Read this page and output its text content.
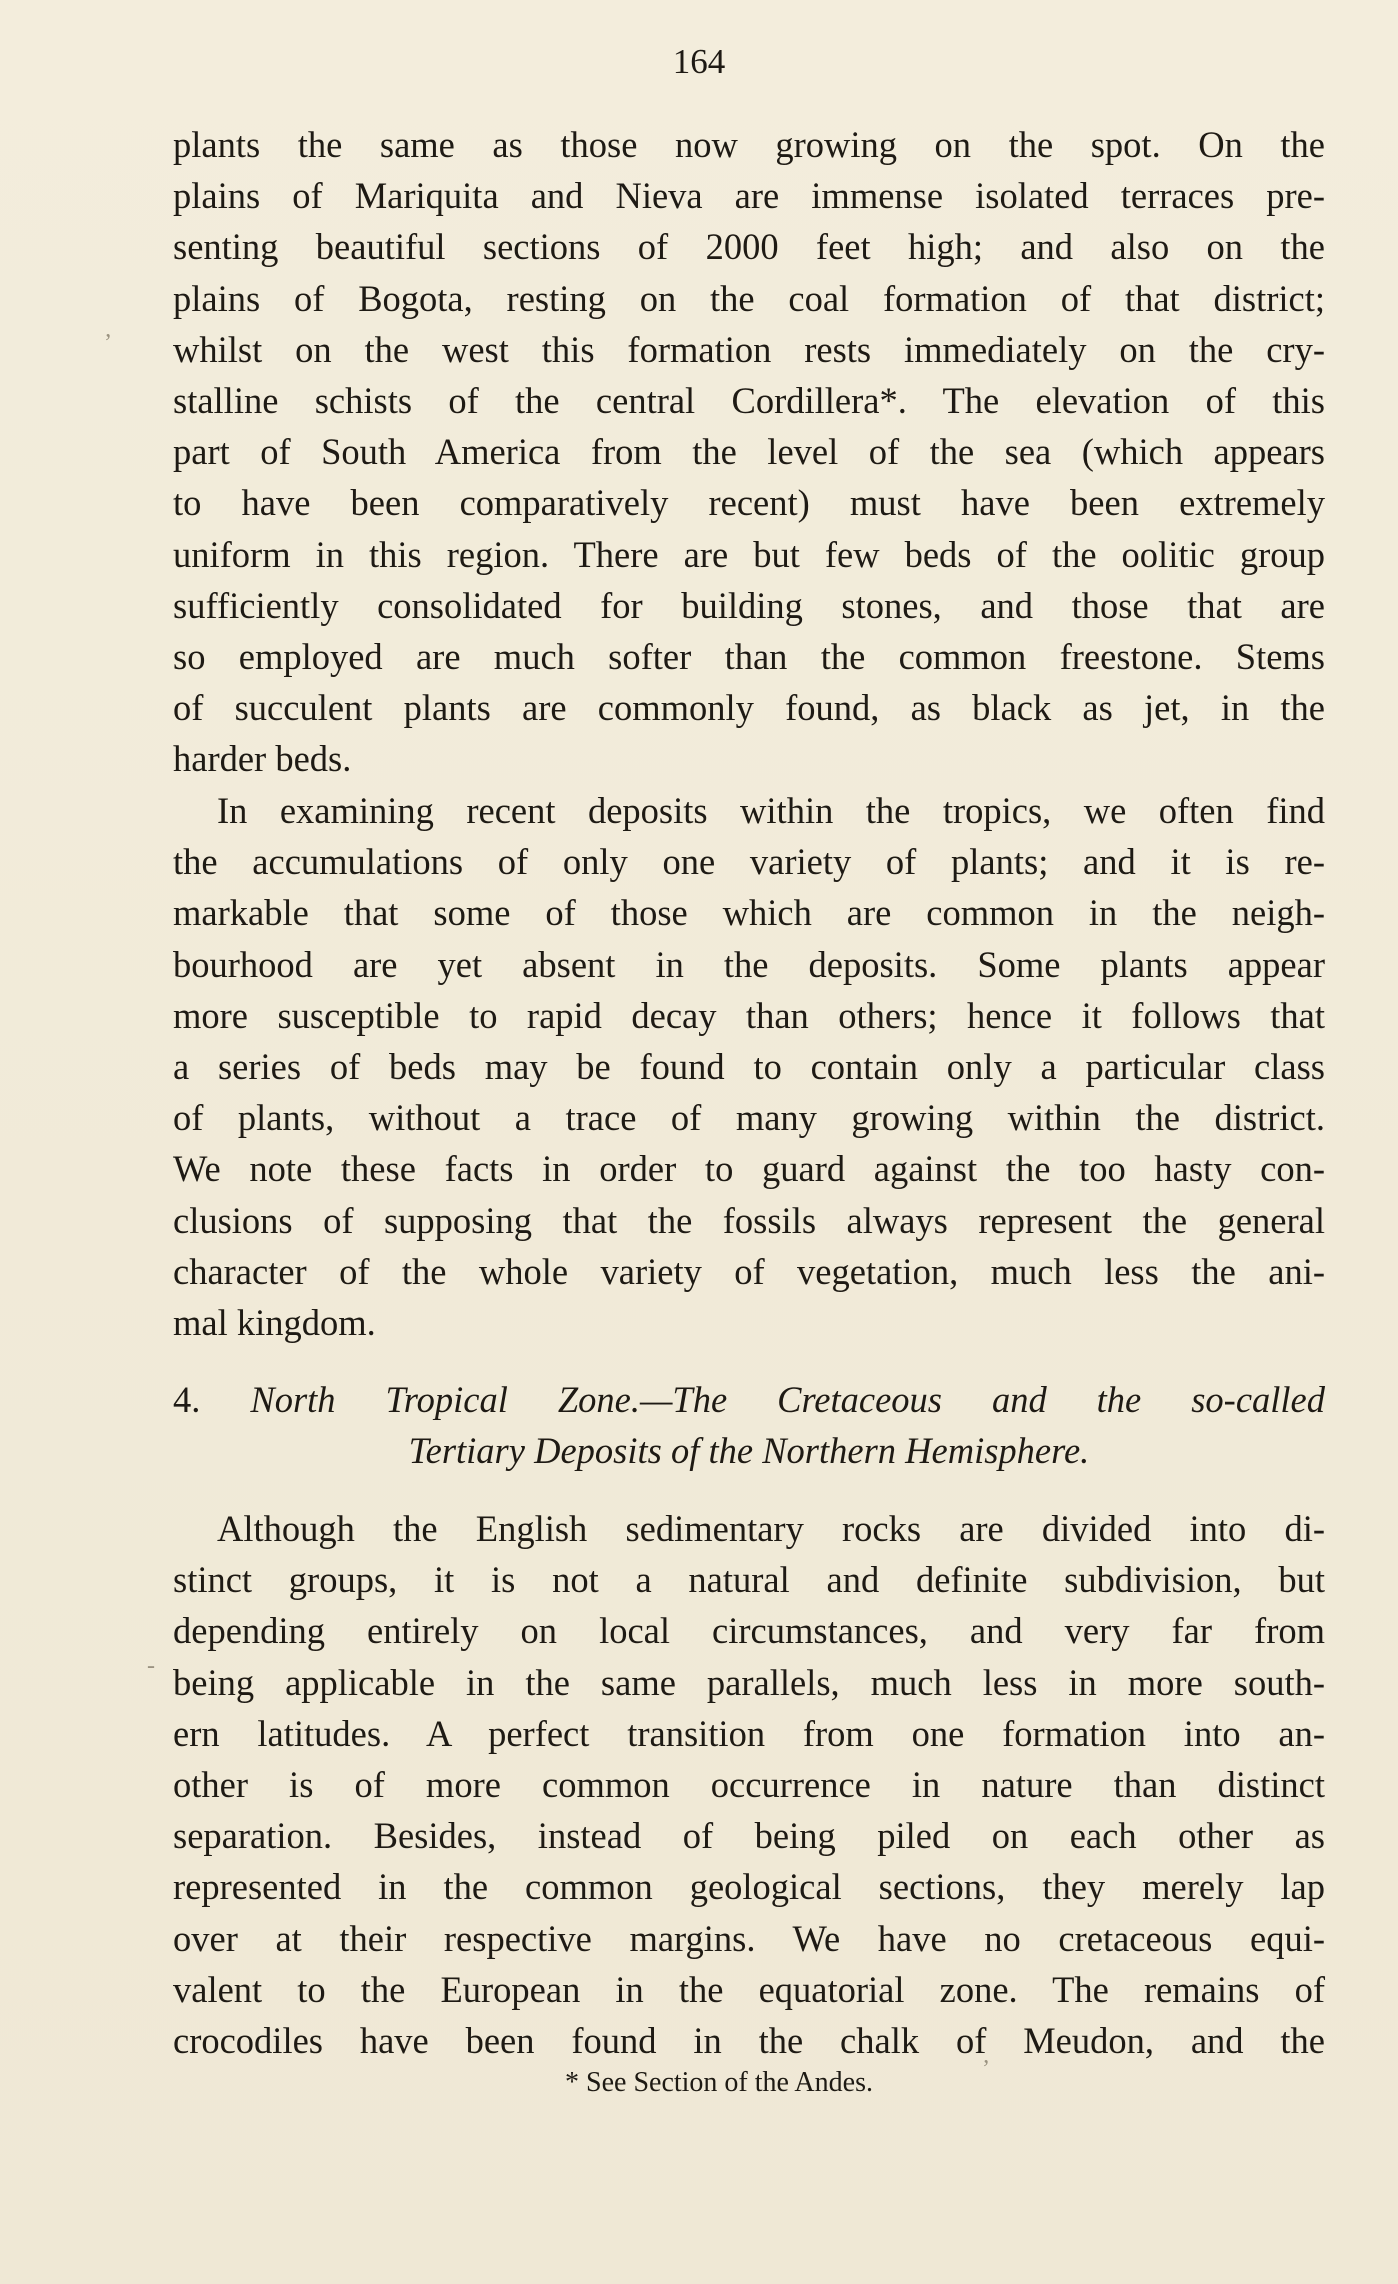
164
plants the same as those now growing on the spot. On the
plains of Mariquita and Nieva are immense isolated terraces pre-
senting beautiful sections of 2000 feet high; and also on the
plains of Bogota, resting on the coal formation of that district;
whilst on the west this formation rests immediately on the cry-
stalline schists of the central Cordillera*. The elevation of this
part of South America from the level of the sea (which appears
to have been comparatively recent) must have been extremely
uniform in this region. There are but few beds of the oolitic group
sufficiently consolidated for building stones, and those that are
so employed are much softer than the common freestone. Stems
of succulent plants are commonly found, as black as jet, in the
harder beds.
In examining recent deposits within the tropics, we often find
the accumulations of only one variety of plants; and it is re-
markable that some of those which are common in the neigh-
bourhood are yet absent in the deposits. Some plants appear
more susceptible to rapid decay than others; hence it follows that
a series of beds may be found to contain only a particular class
of plants, without a trace of many growing within the district.
We note these facts in order to guard against the too hasty con-
clusions of supposing that the fossils always represent the general
character of the whole variety of vegetation, much less the ani-
mal kingdom.
4. North Tropical Zone.—The Cretaceous and the so-called
Tertiary Deposits of the Northern Hemisphere.
Although the English sedimentary rocks are divided into di-
stinct groups, it is not a natural and definite subdivision, but
depending entirely on local circumstances, and very far from
being applicable in the same parallels, much less in more south-
ern latitudes. A perfect transition from one formation into an-
other is of more common occurrence in nature than distinct
separation. Besides, instead of being piled on each other as
represented in the common geological sections, they merely lap
over at their respective margins. We have no cretaceous equi-
valent to the European in the equatorial zone. The remains of
crocodiles have been found in the chalk of Meudon, and the
* See Section of the Andes.
ʼ
-
ʼ
